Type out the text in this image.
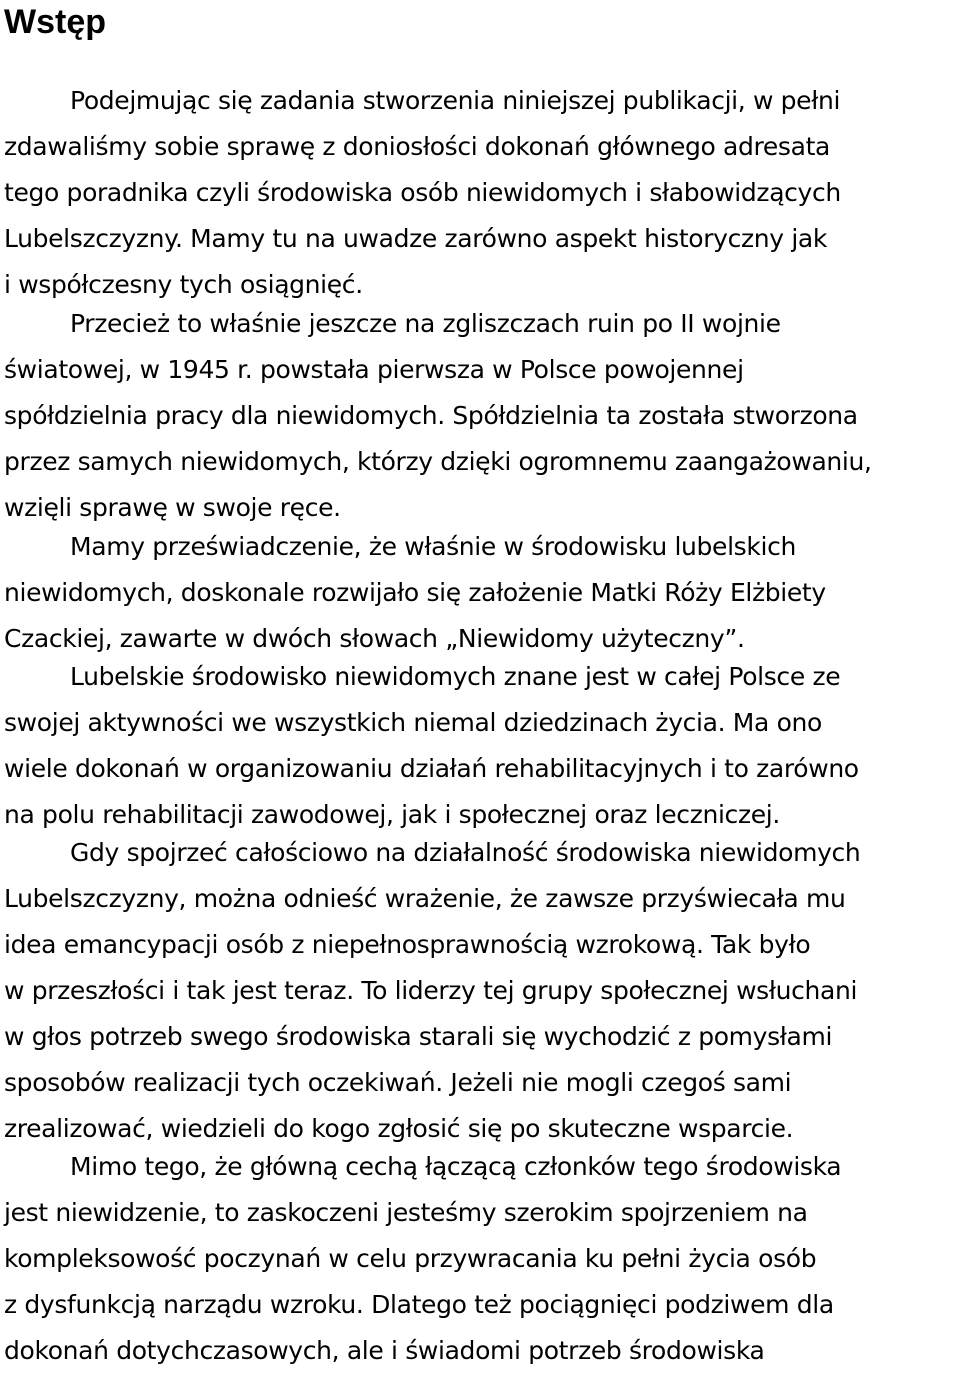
Wstęp

Podejmując się zadania stworzenia niniejszej publikacji, w pełni

zdawaliśmy sobie sprawę z doniosłości dokonań głównego adresata

tego poradnika czyli środowiska osób niewidomych i słabowidzących

Lubelszczyzny. Mamy tu na uwadze zarówno aspekt historyczny jak

i współczesny tych osiągnięć.

Przecież to właśnie jeszcze na zgliszczach ruin po II wojnie

światowej, w 1945 r. powstała pierwsza w Polsce powojennej

spółdzielnia pracy dla niewidomych. Spółdzielnia ta została stworzona

przez samych niewidomych, którzy dzięki ogromnemu zaangażowaniu,

wzięli sprawę w swoje ręce.

Mamy przeświadczenie, że właśnie w środowisku lubelskich

niewidomych, doskonale rozwijało się założenie Matki Róży Elżbiety

Czackiej, zawarte w dwóch słowach „Niewidomy użyteczny”.

Lubelskie środowisko niewidomych znane jest w całej Polsce ze

swojej aktywności we wszystkich niemal dziedzinach życia. Ma ono

wiele dokonań w organizowaniu działań rehabilitacyjnych i to zarówno

na polu rehabilitacji zawodowej, jak i społecznej oraz leczniczej.

Gdy spojrzeć całościowo na działalność środowiska niewidomych

Lubelszczyzny, można odnieść wrażenie, że zawsze przyświecała mu

idea emancypacji osób z niepełnosprawnością wzrokową. Tak było

w przeszłości i tak jest teraz. To liderzy tej grupy społecznej wsłuchani

w głos potrzeb swego środowiska starali się wychodzić z pomysłami

sposobów realizacji tych oczekiwań. Jeżeli nie mogli czegoś sami

zrealizować, wiedzieli do kogo zgłosić się po skuteczne wsparcie.

Mimo tego, że główną cechą łączącą członków tego środowiska

jest niewidzenie, to zaskoczeni jesteśmy szerokim spojrzeniem na

kompleksowość poczynań w celu przywracania ku pełni życia osób

z dysfunkcją narządu wzroku. Dlatego też pociągnięci podziwem dla

dokonań dotychczasowych, ale i świadomi potrzeb środowiska
